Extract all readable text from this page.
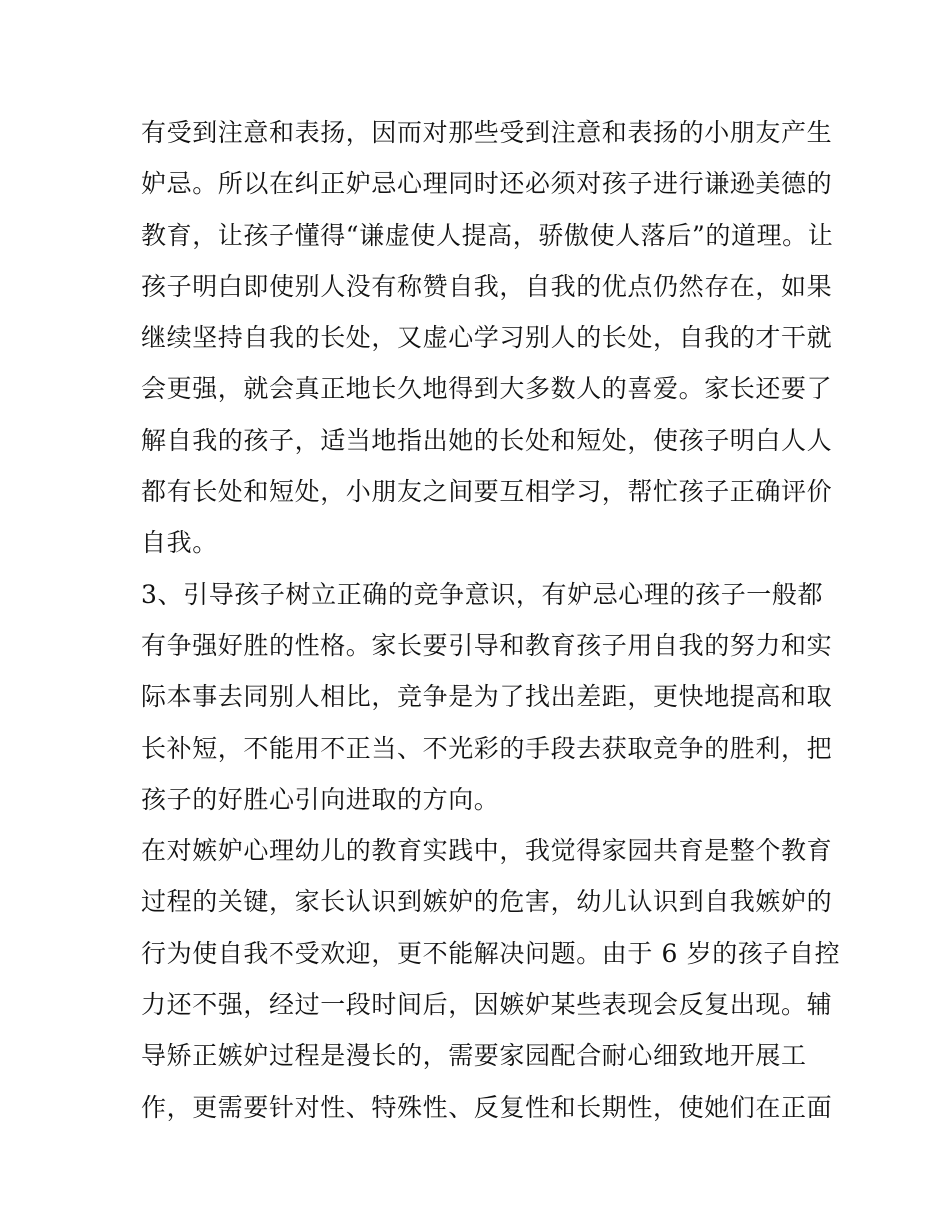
有受到注意和表扬，因而对那些受到注意和表扬的小朋友产生
妒忌。所以在纠正妒忌心理同时还必须对孩子进行谦逊美德的
教育，让孩子懂得“谦虚使人提高，骄傲使人落后”的道理。让
孩子明白即使别人没有称赞自我，自我的优点仍然存在，如果
继续坚持自我的长处，又虚心学习别人的长处，自我的才干就
会更强，就会真正地长久地得到大多数人的喜爱。家长还要了
解自我的孩子，适当地指出她的长处和短处，使孩子明白人人
都有长处和短处，小朋友之间要互相学习，帮忙孩子正确评价
自我。
3、引导孩子树立正确的竞争意识，有妒忌心理的孩子一般都
有争强好胜的性格。家长要引导和教育孩子用自我的努力和实
际本事去同别人相比，竞争是为了找出差距，更快地提高和取
长补短，不能用不正当、不光彩的手段去获取竞争的胜利，把
孩子的好胜心引向进取的方向。
在对嫉妒心理幼儿的教育实践中，我觉得家园共育是整个教育
过程的关键，家长认识到嫉妒的危害，幼儿认识到自我嫉妒的
行为使自我不受欢迎，更不能解决问题。由于 6 岁的孩子自控
力还不强，经过一段时间后，因嫉妒某些表现会反复出现。辅
导矫正嫉妒过程是漫长的，需要家园配合耐心细致地开展工
作，更需要针对性、特殊性、反复性和长期性，使她们在正面
